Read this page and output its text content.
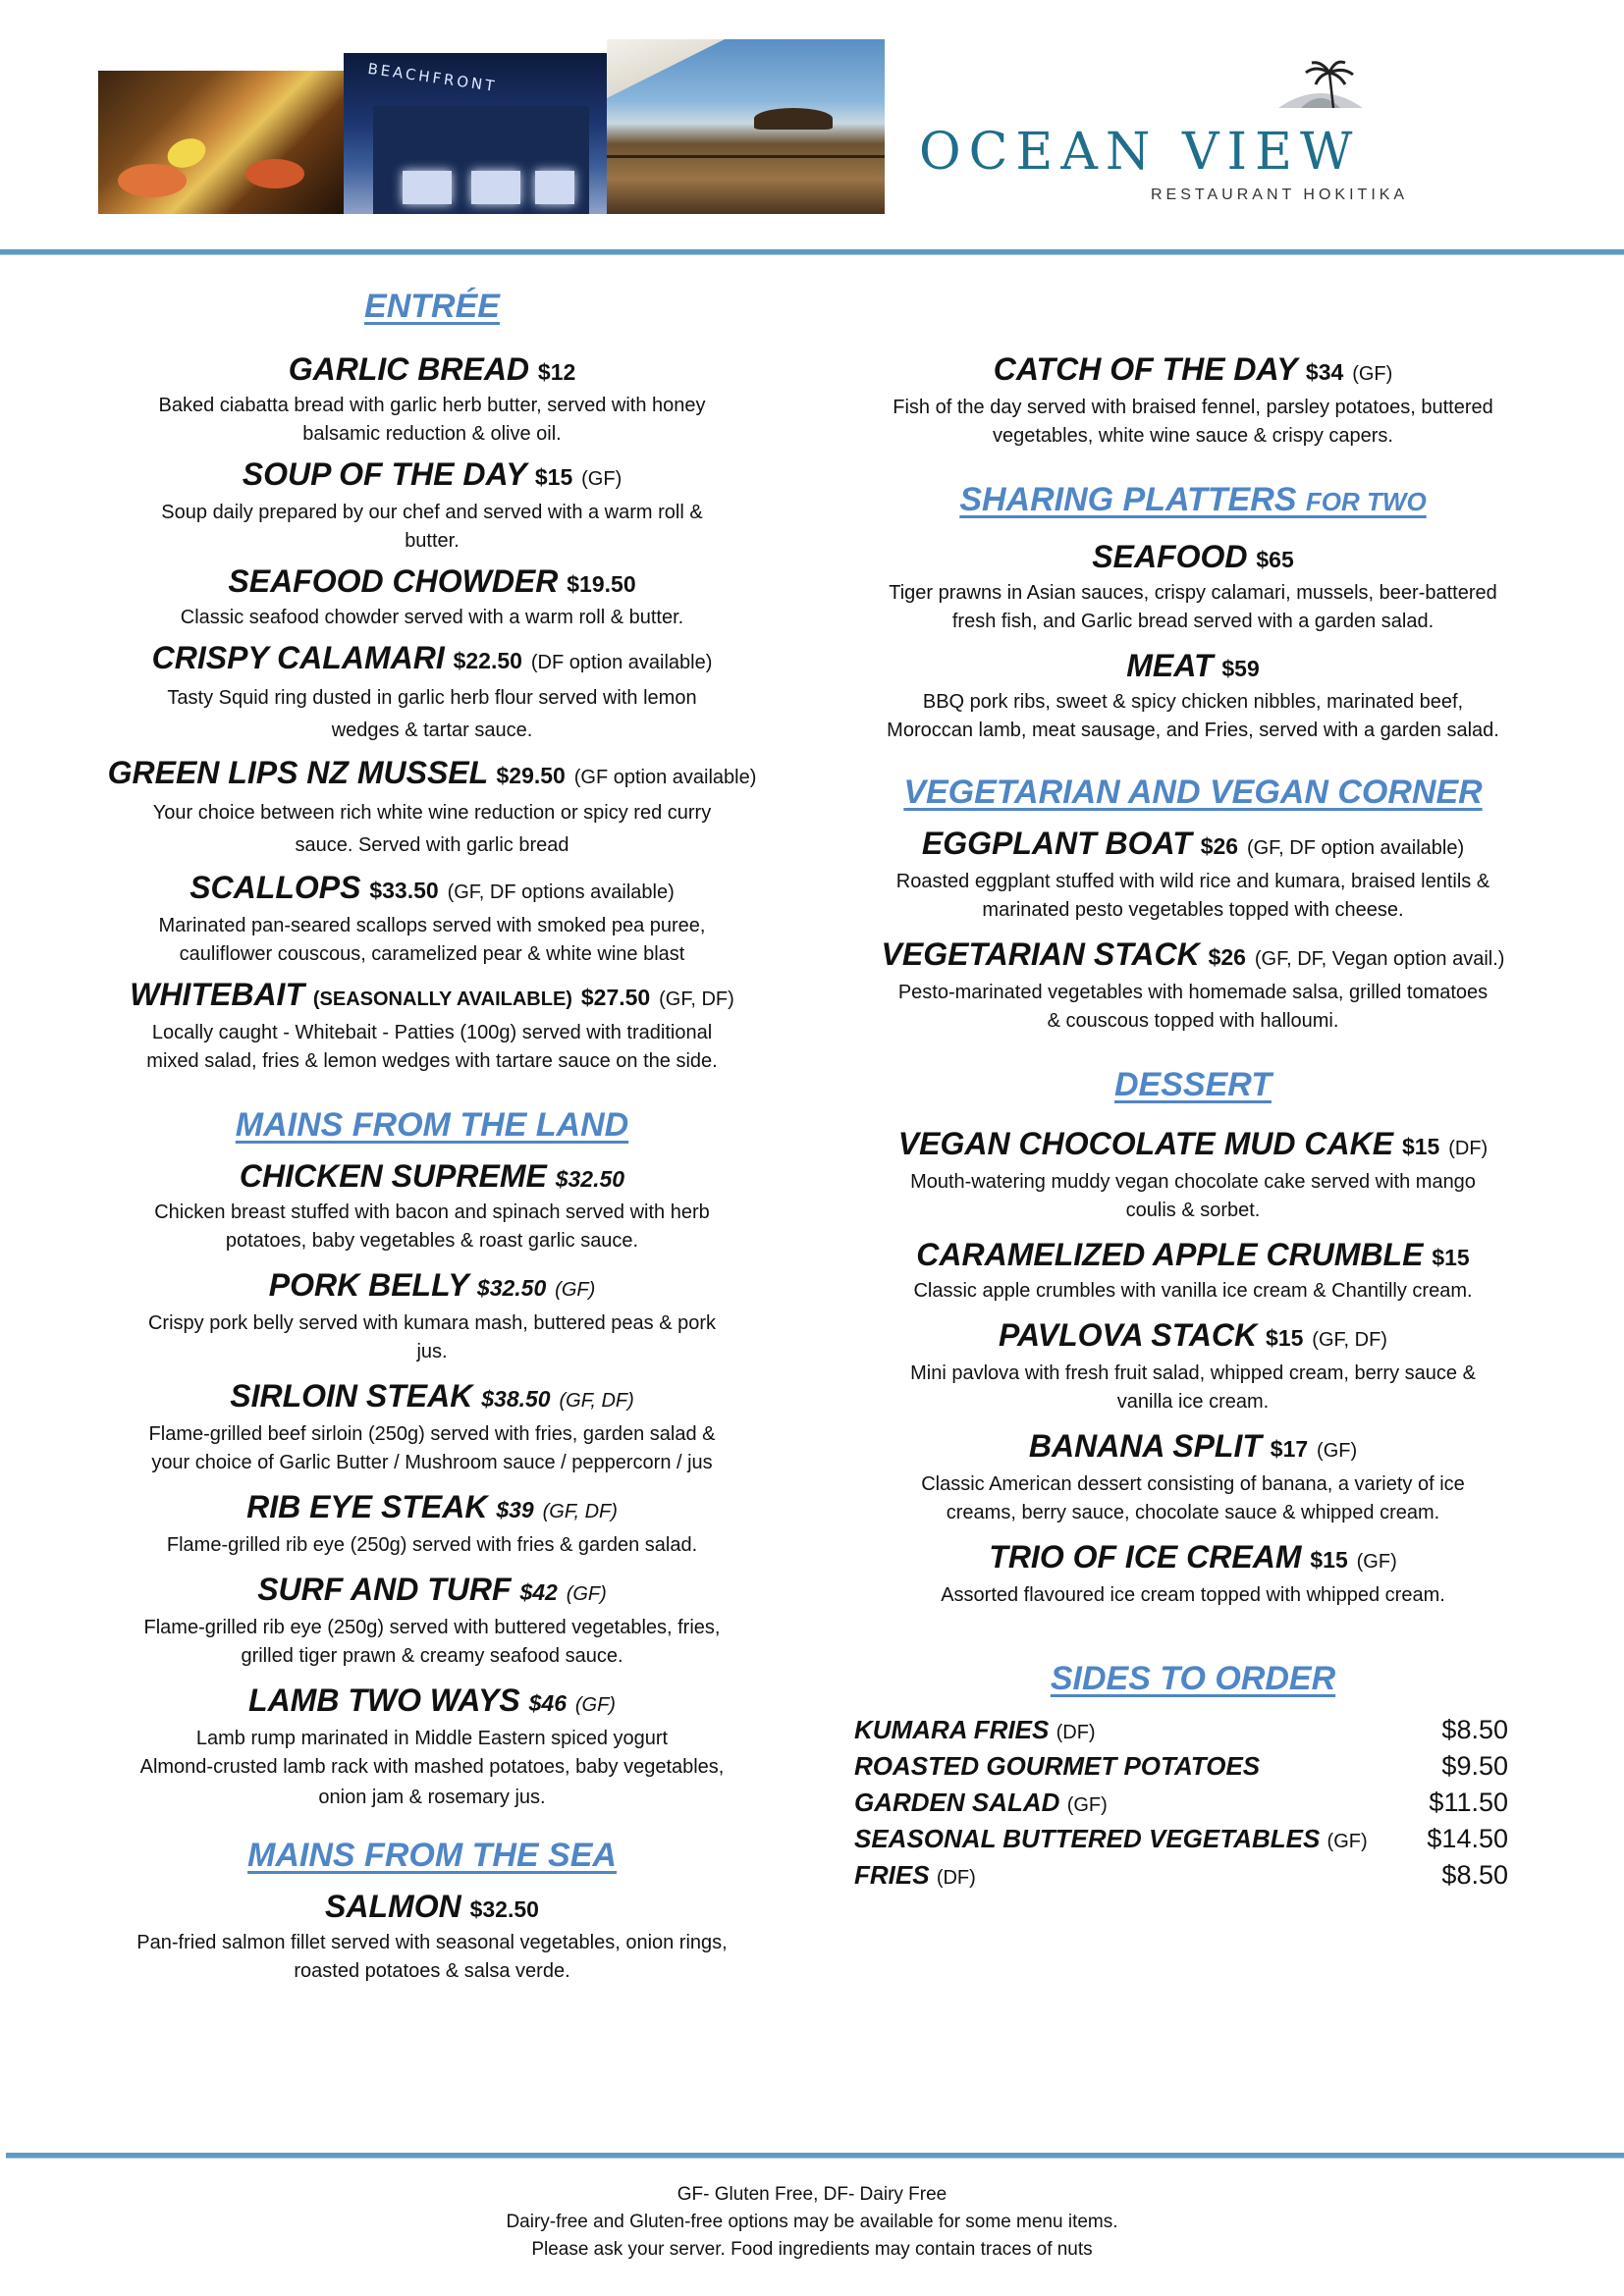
BEACHFRONT
OCEAN VIEW
RESTAURANT HOKITIKA
ENTRÉE

GARLIC BREAD $12

Baked ciabatta bread with garlic herb butter, served with honey

balsamic reduction & olive oil.

SOUP OF THE DAY $15 (GF)

Soup daily prepared by our chef and served with a warm roll &

butter.

SEAFOOD CHOWDER $19.50

Classic seafood chowder served with a warm roll & butter.

CRISPY CALAMARI $22.50 (DF option available)

Tasty Squid ring dusted in garlic herb flour served with lemon

wedges & tartar sauce.

GREEN LIPS NZ MUSSEL $29.50 (GF option available)

Your choice between rich white wine reduction or spicy red curry

sauce. Served with garlic bread

SCALLOPS $33.50 (GF, DF options available)

Marinated pan-seared scallops served with smoked pea puree,

cauliflower couscous, caramelized pear & white wine blast

WHITEBAIT (SEASONALLY AVAILABLE) $27.50 (GF, DF)

Locally caught - Whitebait - Patties (100g) served with traditional

mixed salad, fries & lemon wedges with tartare sauce on the side.

MAINS FROM THE LAND

CHICKEN SUPREME $32.50

Chicken breast stuffed with bacon and spinach served with herb

potatoes, baby vegetables & roast garlic sauce.

PORK BELLY $32.50 (GF)

Crispy pork belly served with kumara mash, buttered peas & pork

jus.

SIRLOIN STEAK $38.50 (GF, DF)

Flame-grilled beef sirloin (250g) served with fries, garden salad &

your choice of Garlic Butter / Mushroom sauce / peppercorn / jus

RIB EYE STEAK $39 (GF, DF)

Flame-grilled rib eye (250g) served with fries & garden salad.

SURF AND TURF $42 (GF)

Flame-grilled rib eye (250g) served with buttered vegetables, fries,

grilled tiger prawn & creamy seafood sauce.

LAMB TWO WAYS $46 (GF)

Lamb rump marinated in Middle Eastern spiced yogurt

Almond-crusted lamb rack with mashed potatoes, baby vegetables,

onion jam & rosemary jus.

MAINS FROM THE SEA

SALMON $32.50

Pan-fried salmon fillet served with seasonal vegetables, onion rings,

roasted potatoes & salsa verde.

CATCH OF THE DAY $34 (GF)

Fish of the day served with braised fennel, parsley potatoes, buttered

vegetables, white wine sauce & crispy capers.

SHARING PLATTERS FOR TWO

SEAFOOD $65

Tiger prawns in Asian sauces, crispy calamari, mussels, beer-battered

fresh fish, and Garlic bread served with a garden salad.

MEAT $59

BBQ pork ribs, sweet & spicy chicken nibbles, marinated beef,

Moroccan lamb, meat sausage, and Fries, served with a garden salad.

VEGETARIAN AND VEGAN CORNER

EGGPLANT BOAT $26 (GF, DF option available)

Roasted eggplant stuffed with wild rice and kumara, braised lentils &

marinated pesto vegetables topped with cheese.

VEGETARIAN STACK $26 (GF, DF, Vegan option avail.)

Pesto-marinated vegetables with homemade salsa, grilled tomatoes

& couscous topped with halloumi.

DESSERT

VEGAN CHOCOLATE MUD CAKE $15 (DF)

Mouth-watering muddy vegan chocolate cake served with mango

coulis & sorbet.

CARAMELIZED APPLE CRUMBLE $15

Classic apple crumbles with vanilla ice cream & Chantilly cream.

PAVLOVA STACK $15 (GF, DF)

Mini pavlova with fresh fruit salad, whipped cream, berry sauce &

vanilla ice cream.

BANANA SPLIT $17 (GF)

Classic American dessert consisting of banana, a variety of ice

creams, berry sauce, chocolate sauce & whipped cream.

TRIO OF ICE CREAM $15 (GF)

Assorted flavoured ice cream topped with whipped cream.

SIDES TO ORDER
KUMARA FRIES (DF)	$8.50
ROASTED GOURMET POTATOES	$9.50
GARDEN SALAD (GF)	$11.50
SEASONAL BUTTERED VEGETABLES (GF) $14.50
FRIES (DF)	$8.50

GF- Gluten Free, DF- Dairy Free

Dairy-free and Gluten-free options may be available for some menu items.

Please ask your server. Food ingredients may contain traces of nuts
